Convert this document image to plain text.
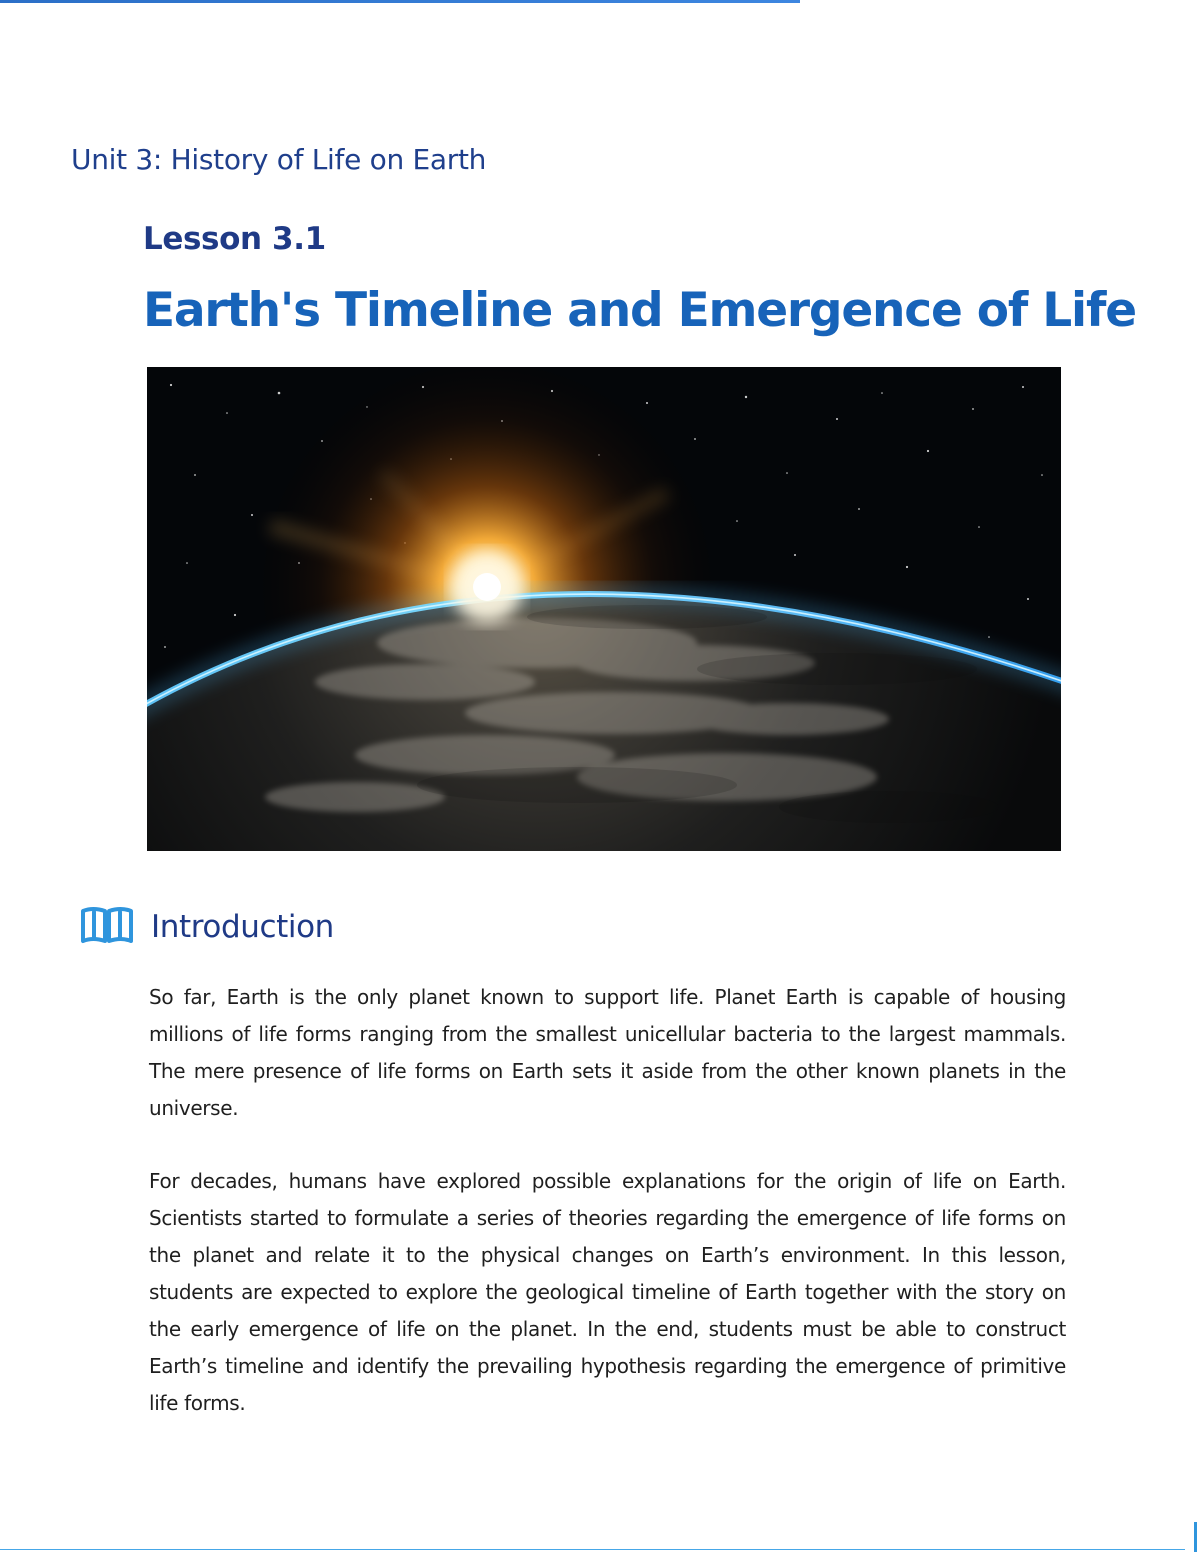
Unit 3: History of Life on Earth
Lesson 3.1
Earth's Timeline and Emergence of Life
Introduction

So far, Earth is the only planet known to support life. Planet Earth is capable of housing millions of life forms ranging from the smallest unicellular bacteria to the largest mammals. The mere presence of life forms on Earth sets it aside from the other known planets in the universe.

For decades, humans have explored possible explanations for the origin of life on Earth. Scientists started to formulate a series of theories regarding the emergence of life forms on the planet and relate it to the physical changes on Earth’s environment. In this lesson, students are expected to explore the geological timeline of Earth together with the story on the early emergence of life on the planet. In the end, students must be able to construct Earth’s timeline and identify the prevailing hypothesis regarding the emergence of primitive life forms.
